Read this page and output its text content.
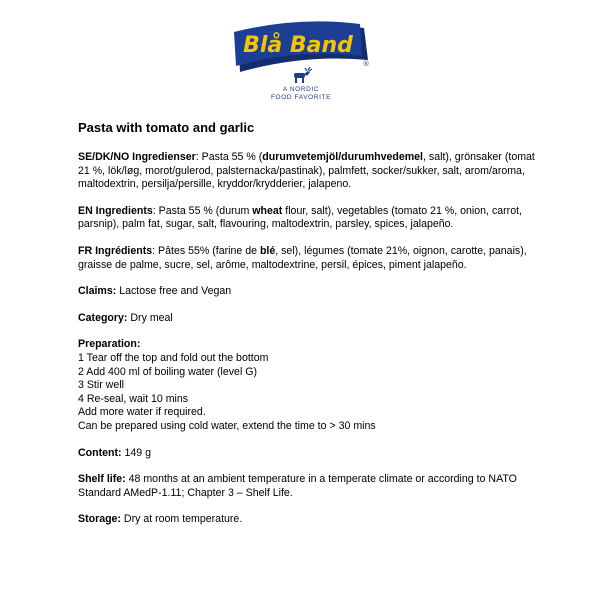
Blå Band
®
A NORDIC
FOOD FAVORITE
Pasta with tomato and garlic
SE/DK/NO Ingredienser: Pasta 55 % (durumvetemjöl/durumhvedemel, salt), grönsaker (tomat 21 %, lök/løg, morot/gulerod, palsternacka/pastinak), palmfett, socker/sukker, salt, arom/aroma, maltodextrin, persilja/persille, kryddor/krydderier, jalapeno.
EN Ingredients: Pasta 55 % (durum wheat flour, salt), vegetables (tomato 21 %, onion, carrot, parsnip), palm fat, sugar, salt, flavouring, maltodextrin, parsley, spices, jalapeño.
FR Ingrédients: Pâtes 55% (farine de blé, sel), légumes (tomate 21%, oignon, carotte, panais), graisse de palme, sucre, sel, arôme, maltodextrine, persil, épices, piment jalapeño.
Claims: Lactose free and Vegan
Category: Dry meal
Preparation:
1 Tear off the top and fold out the bottom
2 Add 400 ml of boiling water (level G)
3 Stir well
4 Re-seal, wait 10 mins
Add more water if required.
Can be prepared using cold water, extend the time to > 30 mins
Content: 149 g
Shelf life: 48 months at an ambient temperature in a temperate climate or according to NATO Standard AMedP-1.11; Chapter 3 – Shelf Life.
Storage: Dry at room temperature.
